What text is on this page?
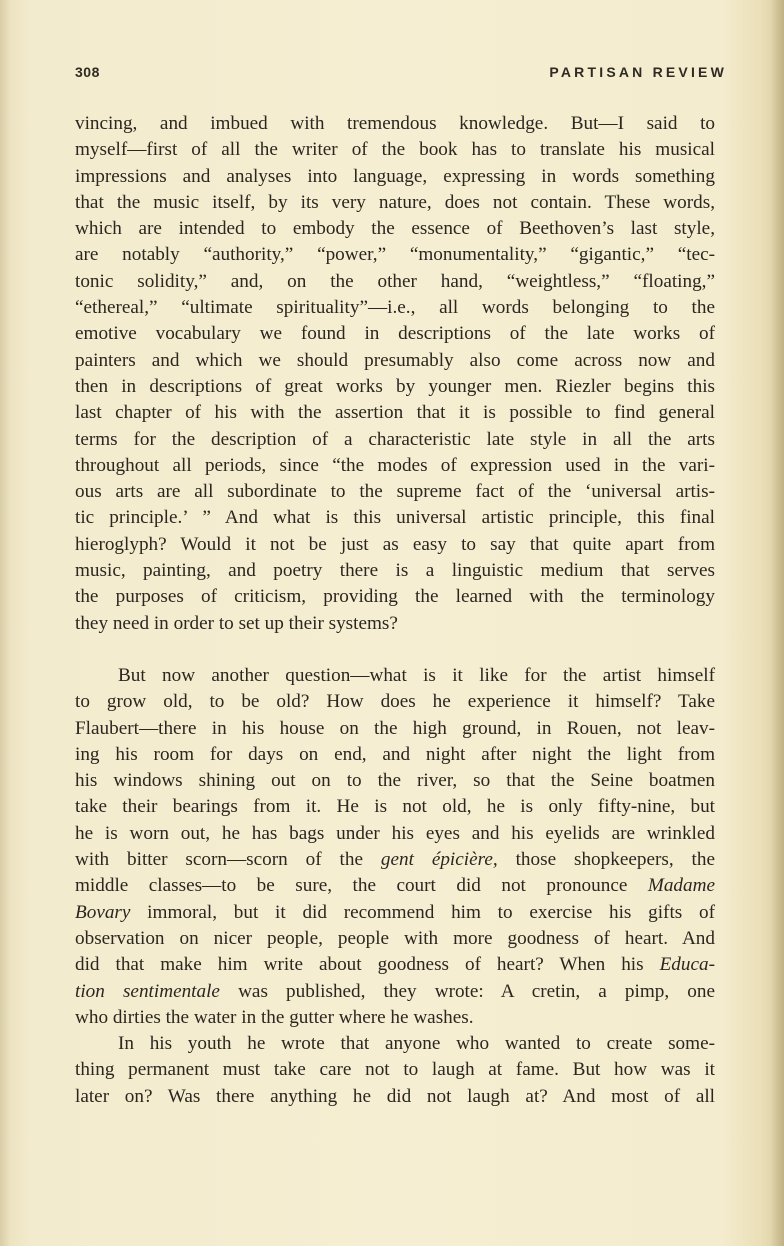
308	PARTISAN REVIEW

vincing, and imbued with tremendous knowledge. But—I said to
myself—first of all the writer of the book has to translate his musical
impressions and analyses into language, expressing in words something
that the music itself, by its very nature, does not contain. These words,
which are intended to embody the essence of Beethoven’s last style,
are notably “authority,” “power,” “monumentality,” “gigantic,” “tec-
tonic solidity,” and, on the other hand, “weightless,” “floating,”
“ethereal,” “ultimate spirituality”—i.e., all words belonging to the
emotive vocabulary we found in descriptions of the late works of
painters and which we should presumably also come across now and
then in descriptions of great works by younger men. Riezler begins this
last chapter of his with the assertion that it is possible to find general
terms for the description of a characteristic late style in all the arts
throughout all periods, since “the modes of expression used in the vari-
ous arts are all subordinate to the supreme fact of the ‘universal artis-
tic principle.’ ” And what is this universal artistic principle, this final
hieroglyph? Would it not be just as easy to say that quite apart from
music, painting, and poetry there is a linguistic medium that serves
the purposes of criticism, providing the learned with the terminology
they need in order to set up their systems?

But now another question—what is it like for the artist himself
to grow old, to be old? How does he experience it himself? Take
Flaubert—there in his house on the high ground, in Rouen, not leav-
ing his room for days on end, and night after night the light from
his windows shining out on to the river, so that the Seine boatmen
take their bearings from it. He is not old, he is only fifty-nine, but
he is worn out, he has bags under his eyes and his eyelids are wrinkled
with bitter scorn—scorn of the gent épicière, those shopkeepers, the
middle classes—to be sure, the court did not pronounce Madame
Bovary immoral, but it did recommend him to exercise his gifts of
observation on nicer people, people with more goodness of heart. And
did that make him write about goodness of heart? When his Educa-
tion sentimentale was published, they wrote: A cretin, a pimp, one
who dirties the water in the gutter where he washes.

In his youth he wrote that anyone who wanted to create some-
thing permanent must take care not to laugh at fame. But how was it
later on? Was there anything he did not laugh at? And most of all
